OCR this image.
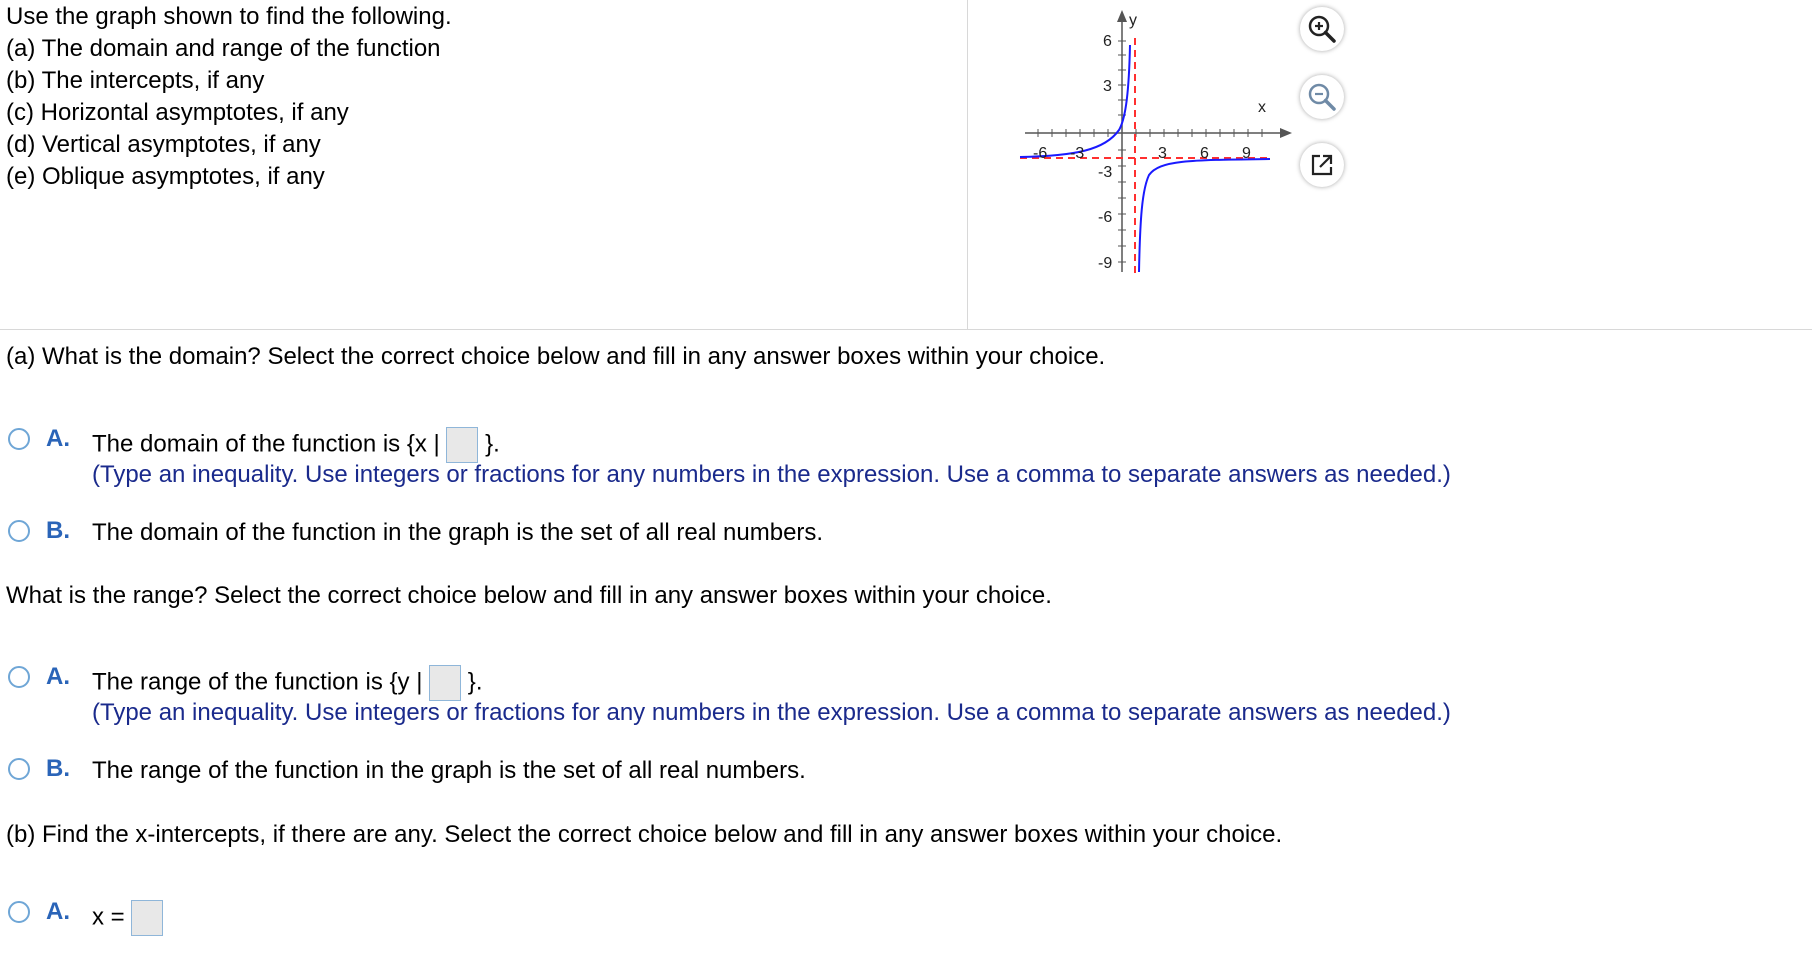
Use the graph shown to find the following.
(a) The domain and range of the function
(b) The intercepts, if any
(c) Horizontal asymptotes, if any
(d) Vertical asymptotes, if any
(e) Oblique asymptotes, if any
y
x
-6 -3	3 6 9
6
3
-3
-6
-9
(a) What is the domain? Select the correct choice below and fill in any answer boxes within your choice.
A. The domain of the function is {x | }.
(Type an inequality. Use integers or fractions for any numbers in the expression. Use a comma to separate answers as needed.)
B. The domain of the function in the graph is the set of all real numbers.
What is the range? Select the correct choice below and fill in any answer boxes within your choice.
A. The range of the function is {y | }.
(Type an inequality. Use integers or fractions for any numbers in the expression. Use a comma to separate answers as needed.)
B. The range of the function in the graph is the set of all real numbers.
(b) Find the x-intercepts, if there are any. Select the correct choice below and fill in any answer boxes within your choice.
A. x =
